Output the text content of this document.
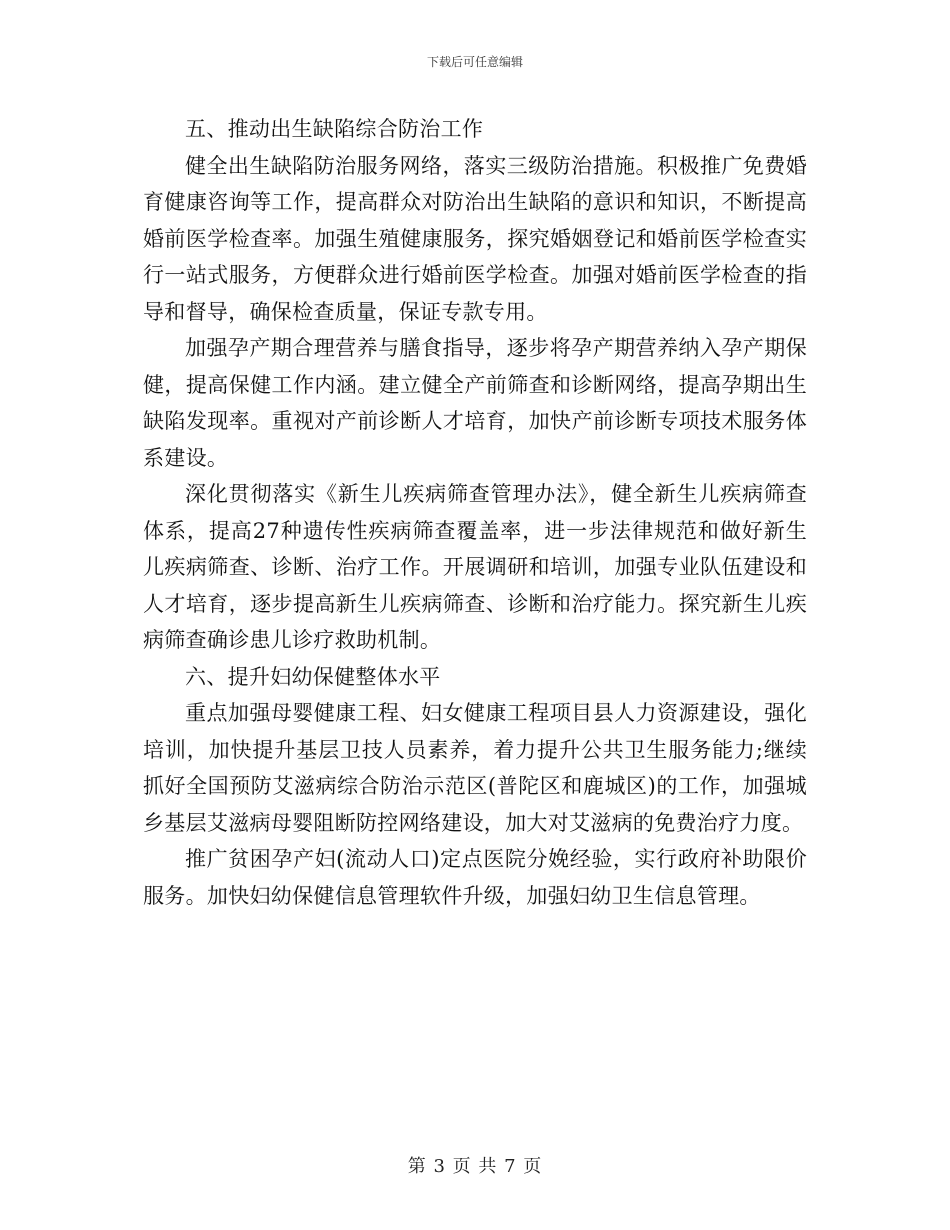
下载后可任意编辑

五、推动出生缺陷综合防治工作

健全出生缺陷防治服务网络，落实三级防治措施。积极推广免费婚育健康咨询等工作，提高群众对防治出生缺陷的意识和知识，不断提高婚前医学检查率。加强生殖健康服务，探究婚姻登记和婚前医学检查实行一站式服务，方便群众进行婚前医学检查。加强对婚前医学检查的指导和督导，确保检查质量，保证专款专用。

加强孕产期合理营养与膳食指导，逐步将孕产期营养纳入孕产期保健，提高保健工作内涵。建立健全产前筛查和诊断网络，提高孕期出生缺陷发现率。重视对产前诊断人才培育，加快产前诊断专项技术服务体系建设。

深化贯彻落实《新生儿疾病筛查管理办法》，健全新生儿疾病筛查体系，提高27种遗传性疾病筛查覆盖率，进一步法律规范和做好新生儿疾病筛查、诊断、治疗工作。开展调研和培训，加强专业队伍建设和人才培育，逐步提高新生儿疾病筛查、诊断和治疗能力。探究新生儿疾病筛查确诊患儿诊疗救助机制。

六、提升妇幼保健整体水平

重点加强母婴健康工程、妇女健康工程项目县人力资源建设，强化培训，加快提升基层卫技人员素养，着力提升公共卫生服务能力;继续抓好全国预防艾滋病综合防治示范区(普陀区和鹿城区)的工作，加强城乡基层艾滋病母婴阻断防控网络建设，加大对艾滋病的免费治疗力度。

推广贫困孕产妇(流动人口)定点医院分娩经验，实行政府补助限价服务。加快妇幼保健信息管理软件升级，加强妇幼卫生信息管理。

第 3 页 共 7 页
